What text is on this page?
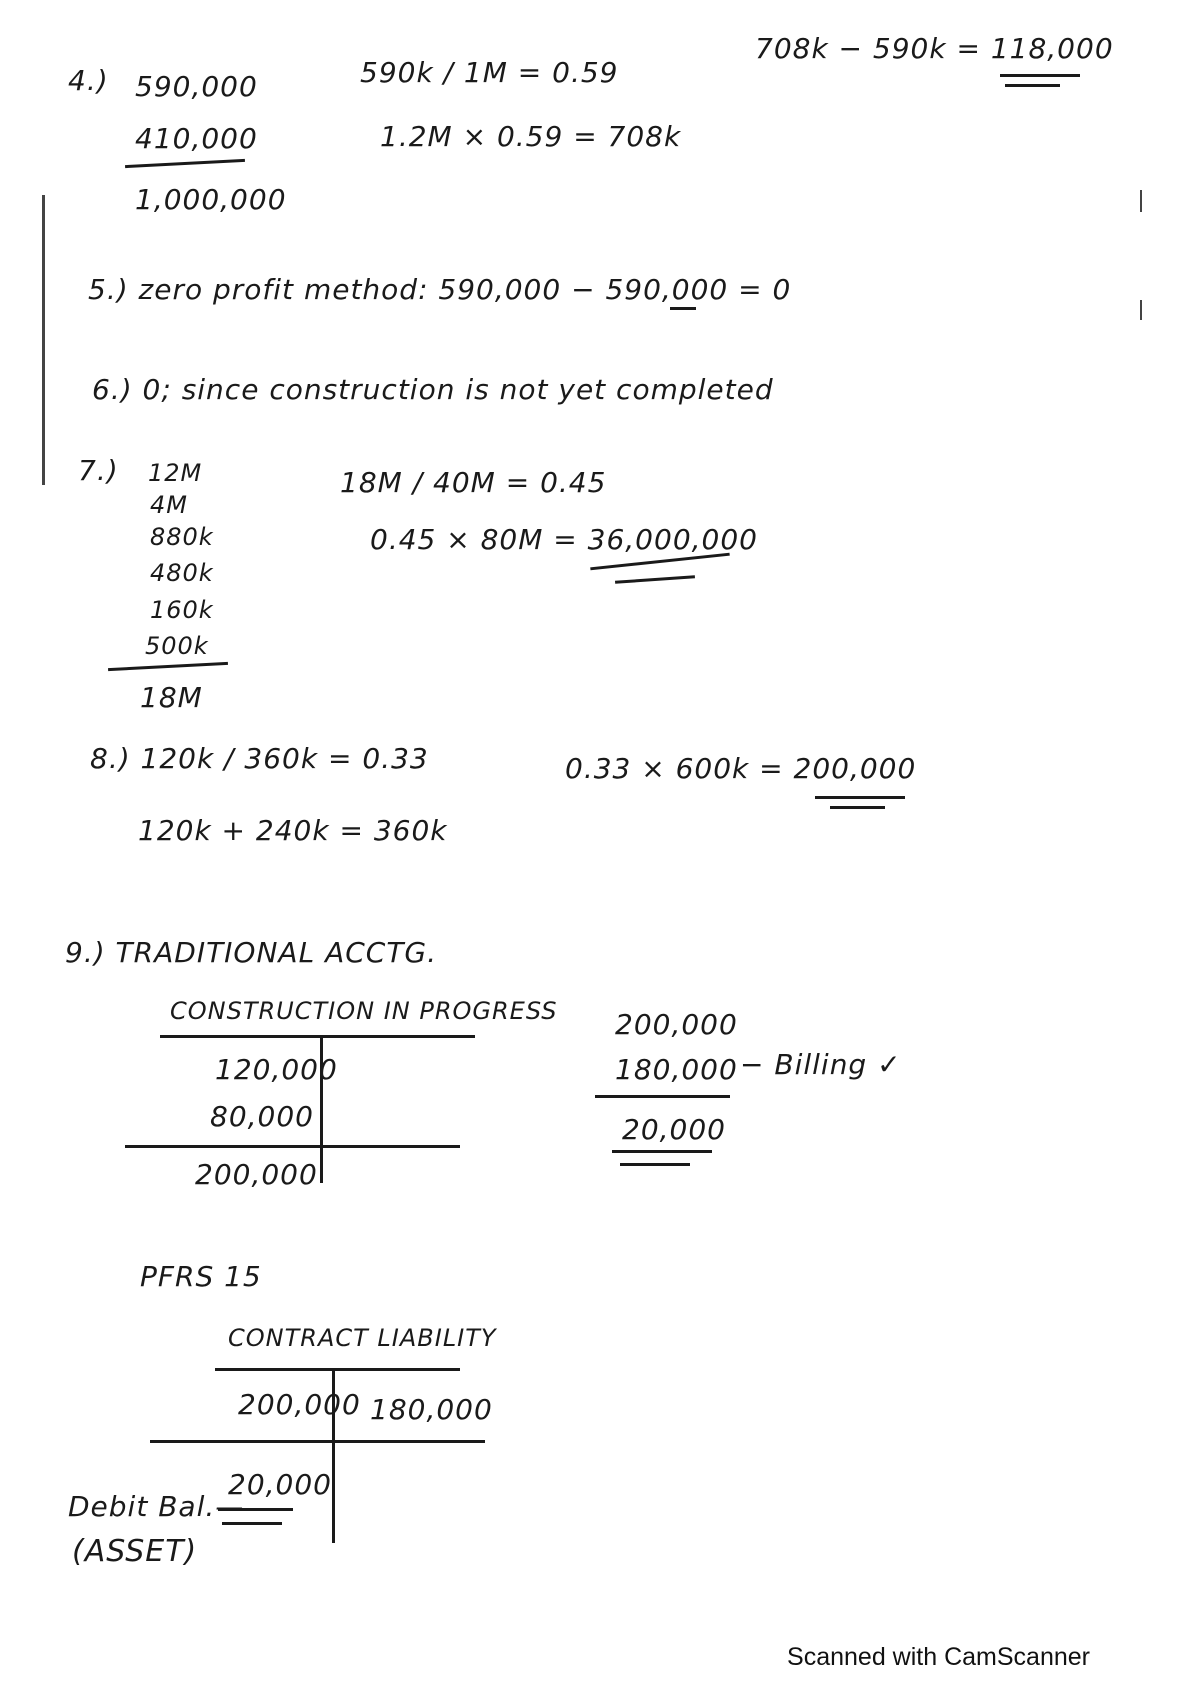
4.) 590,000
410,000
1,000,000
590k / 1M = 0.59
1.2M × 0.59 = 708k
708k − 590k = 118,000
5.) zero profit method: 590,000 − 590,000 = 0
6.) 0; since construction is not yet completed
7.) 12M
4M
880k
480k
160k
500k
18M
18M / 40M = 0.45
0.45 × 80M = 36,000,000
8.) 120k / 360k = 0.33
120k + 240k = 360k
0.33 × 600k = 200,000
9.) TRADITIONAL ACCTG.
CONSTRUCTION IN PROGRESS
120,000
80,000
200,000
200,000
180,000 − Billing ✓
20,000
PFRS 15
CONTRACT LIABILITY
200,000 180,000
20,000
Debit Bal.—
(ASSET)
Scanned with CamScanner
